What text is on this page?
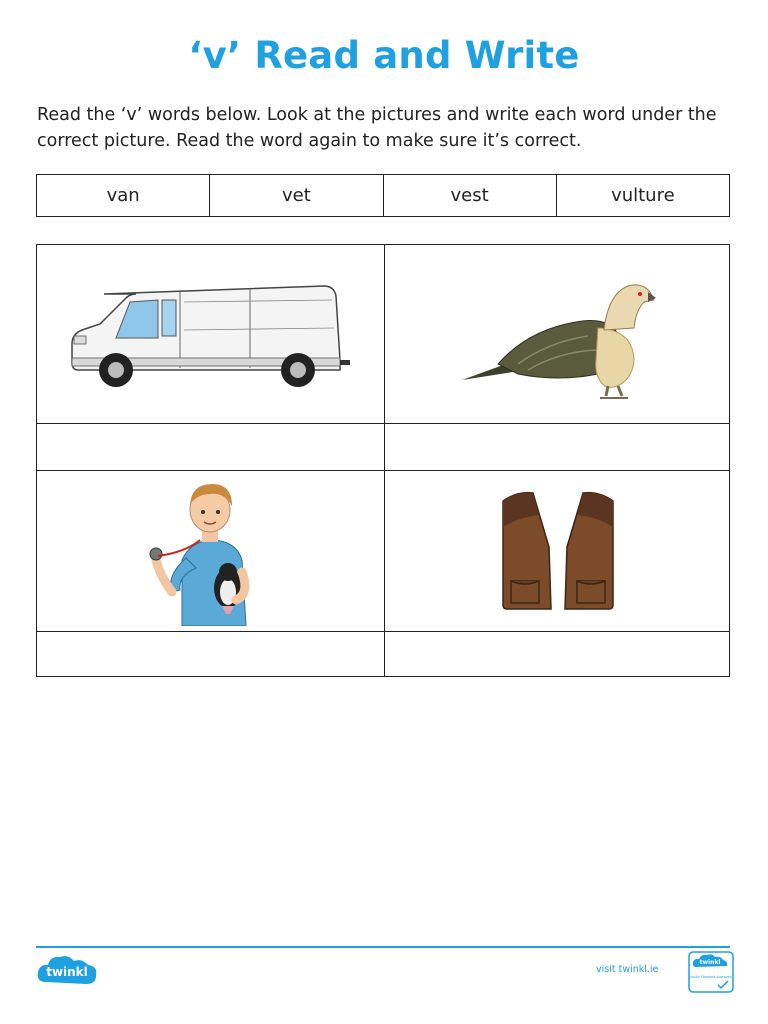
‘v’ Read and Write
Read the ‘v’ words below. Look at the pictures and write each word under the correct picture. Read the word again to make sure it’s correct.
van	vet	vest	vulture
twinkl	visit twinkl.ie
twinkl
Quality Standard Approved
